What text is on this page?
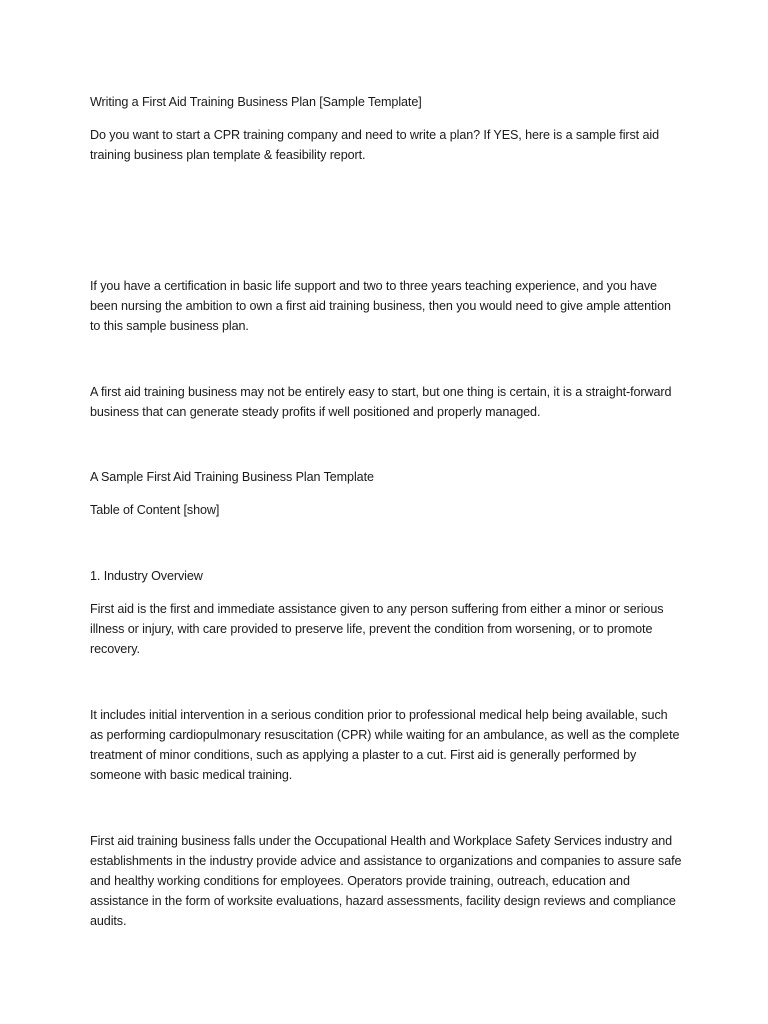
Writing a First Aid Training Business Plan [Sample Template]

Do you want to start a CPR training company and need to write a plan? If YES, here is a sample first aid training business plan template & feasibility report.

If you have a certification in basic life support and two to three years teaching experience, and you have been nursing the ambition to own a first aid training business, then you would need to give ample attention to this sample business plan.

A first aid training business may not be entirely easy to start, but one thing is certain, it is a straight-forward business that can generate steady profits if well positioned and properly managed.

A Sample First Aid Training Business Plan Template

Table of Content [show]

1. Industry Overview

First aid is the first and immediate assistance given to any person suffering from either a minor or serious illness or injury, with care provided to preserve life, prevent the condition from worsening, or to promote recovery.

It includes initial intervention in a serious condition prior to professional medical help being available, such as performing cardiopulmonary resuscitation (CPR) while waiting for an ambulance, as well as the complete treatment of minor conditions, such as applying a plaster to a cut. First aid is generally performed by someone with basic medical training.

First aid training business falls under the Occupational Health and Workplace Safety Services industry and establishments in the industry provide advice and assistance to organizations and companies to assure safe and healthy working conditions for employees. Operators provide training, outreach, education and assistance in the form of worksite evaluations, hazard assessments, facility design reviews and compliance audits.
